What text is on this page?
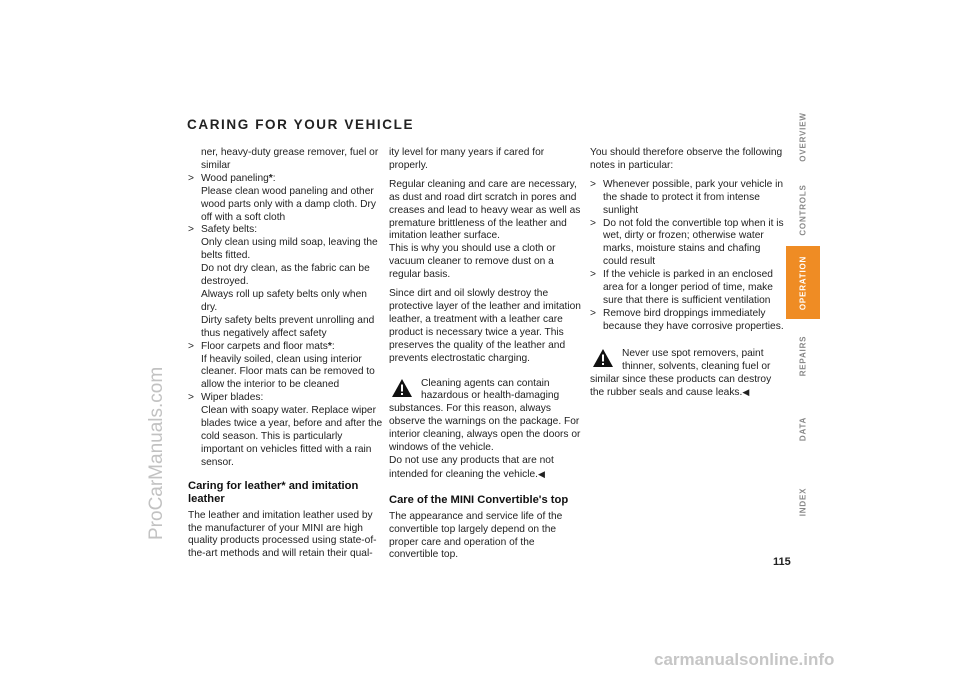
CARING FOR YOUR VEHICLE

ner, heavy-duty grease remover, fuel or similar

> Wood paneling*:
Please clean wood paneling and other wood parts only with a damp cloth. Dry off with a soft cloth
> Safety belts:
Only clean using mild soap, leaving the belts fitted.
Do not dry clean, as the fabric can be destroyed.
Always roll up safety belts only when dry.
Dirty safety belts prevent unrolling and thus negatively affect safety
> Floor carpets and floor mats*:
If heavily soiled, clean using interior cleaner. Floor mats can be removed to allow the interior to be cleaned
> Wiper blades:
Clean with soapy water. Replace wiper blades twice a year, before and after the cold season. This is particularly important on vehicles fitted with a rain sensor.
Caring for leather* and imitation leather

The leather and imitation leather used by the manufacturer of your MINI are high quality products processed using state-of-the-art methods and will retain their qual-

ity level for many years if cared for properly.

Regular cleaning and care are necessary, as dust and road dirt scratch in pores and creases and lead to heavy wear as well as premature brittleness of the leather and imitation leather surface.

This is why you should use a cloth or vacuum cleaner to remove dust on a regular basis.

Since dirt and oil slowly destroy the protective layer of the leather and imitation leather, a treatment with a leather care product is necessary twice a year. This preserves the quality of the leather and prevents electrostatic charging.

Cleaning agents can contain hazardous or health-damaging substances. For this reason, always observe the warnings on the package. For interior cleaning, always open the doors or windows of the vehicle.
Do not use any products that are not intended for cleaning the vehicle.◀
Care of the MINI Convertible's top

The appearance and service life of the convertible top largely depend on the proper care and operation of the convertible top.

You should therefore observe the following notes in particular:

> Whenever possible, park your vehicle in the shade to protect it from intense sunlight
> Do not fold the convertible top when it is wet, dirty or frozen; otherwise water marks, moisture stains and chafing could result
> If the vehicle is parked in an enclosed area for a longer period of time, make sure that there is sufficient ventilation
> Remove bird droppings immediately because they have corrosive properties.
Never use spot removers, paint thinner, solvents, cleaning fuel or similar since these products can destroy the rubber seals and cause leaks.◀
OVERVIEW
CONTROLS
OPERATION
REPAIRS
DATA
INDEX
115
ProCarManuals.com
carmanualsonline.info
